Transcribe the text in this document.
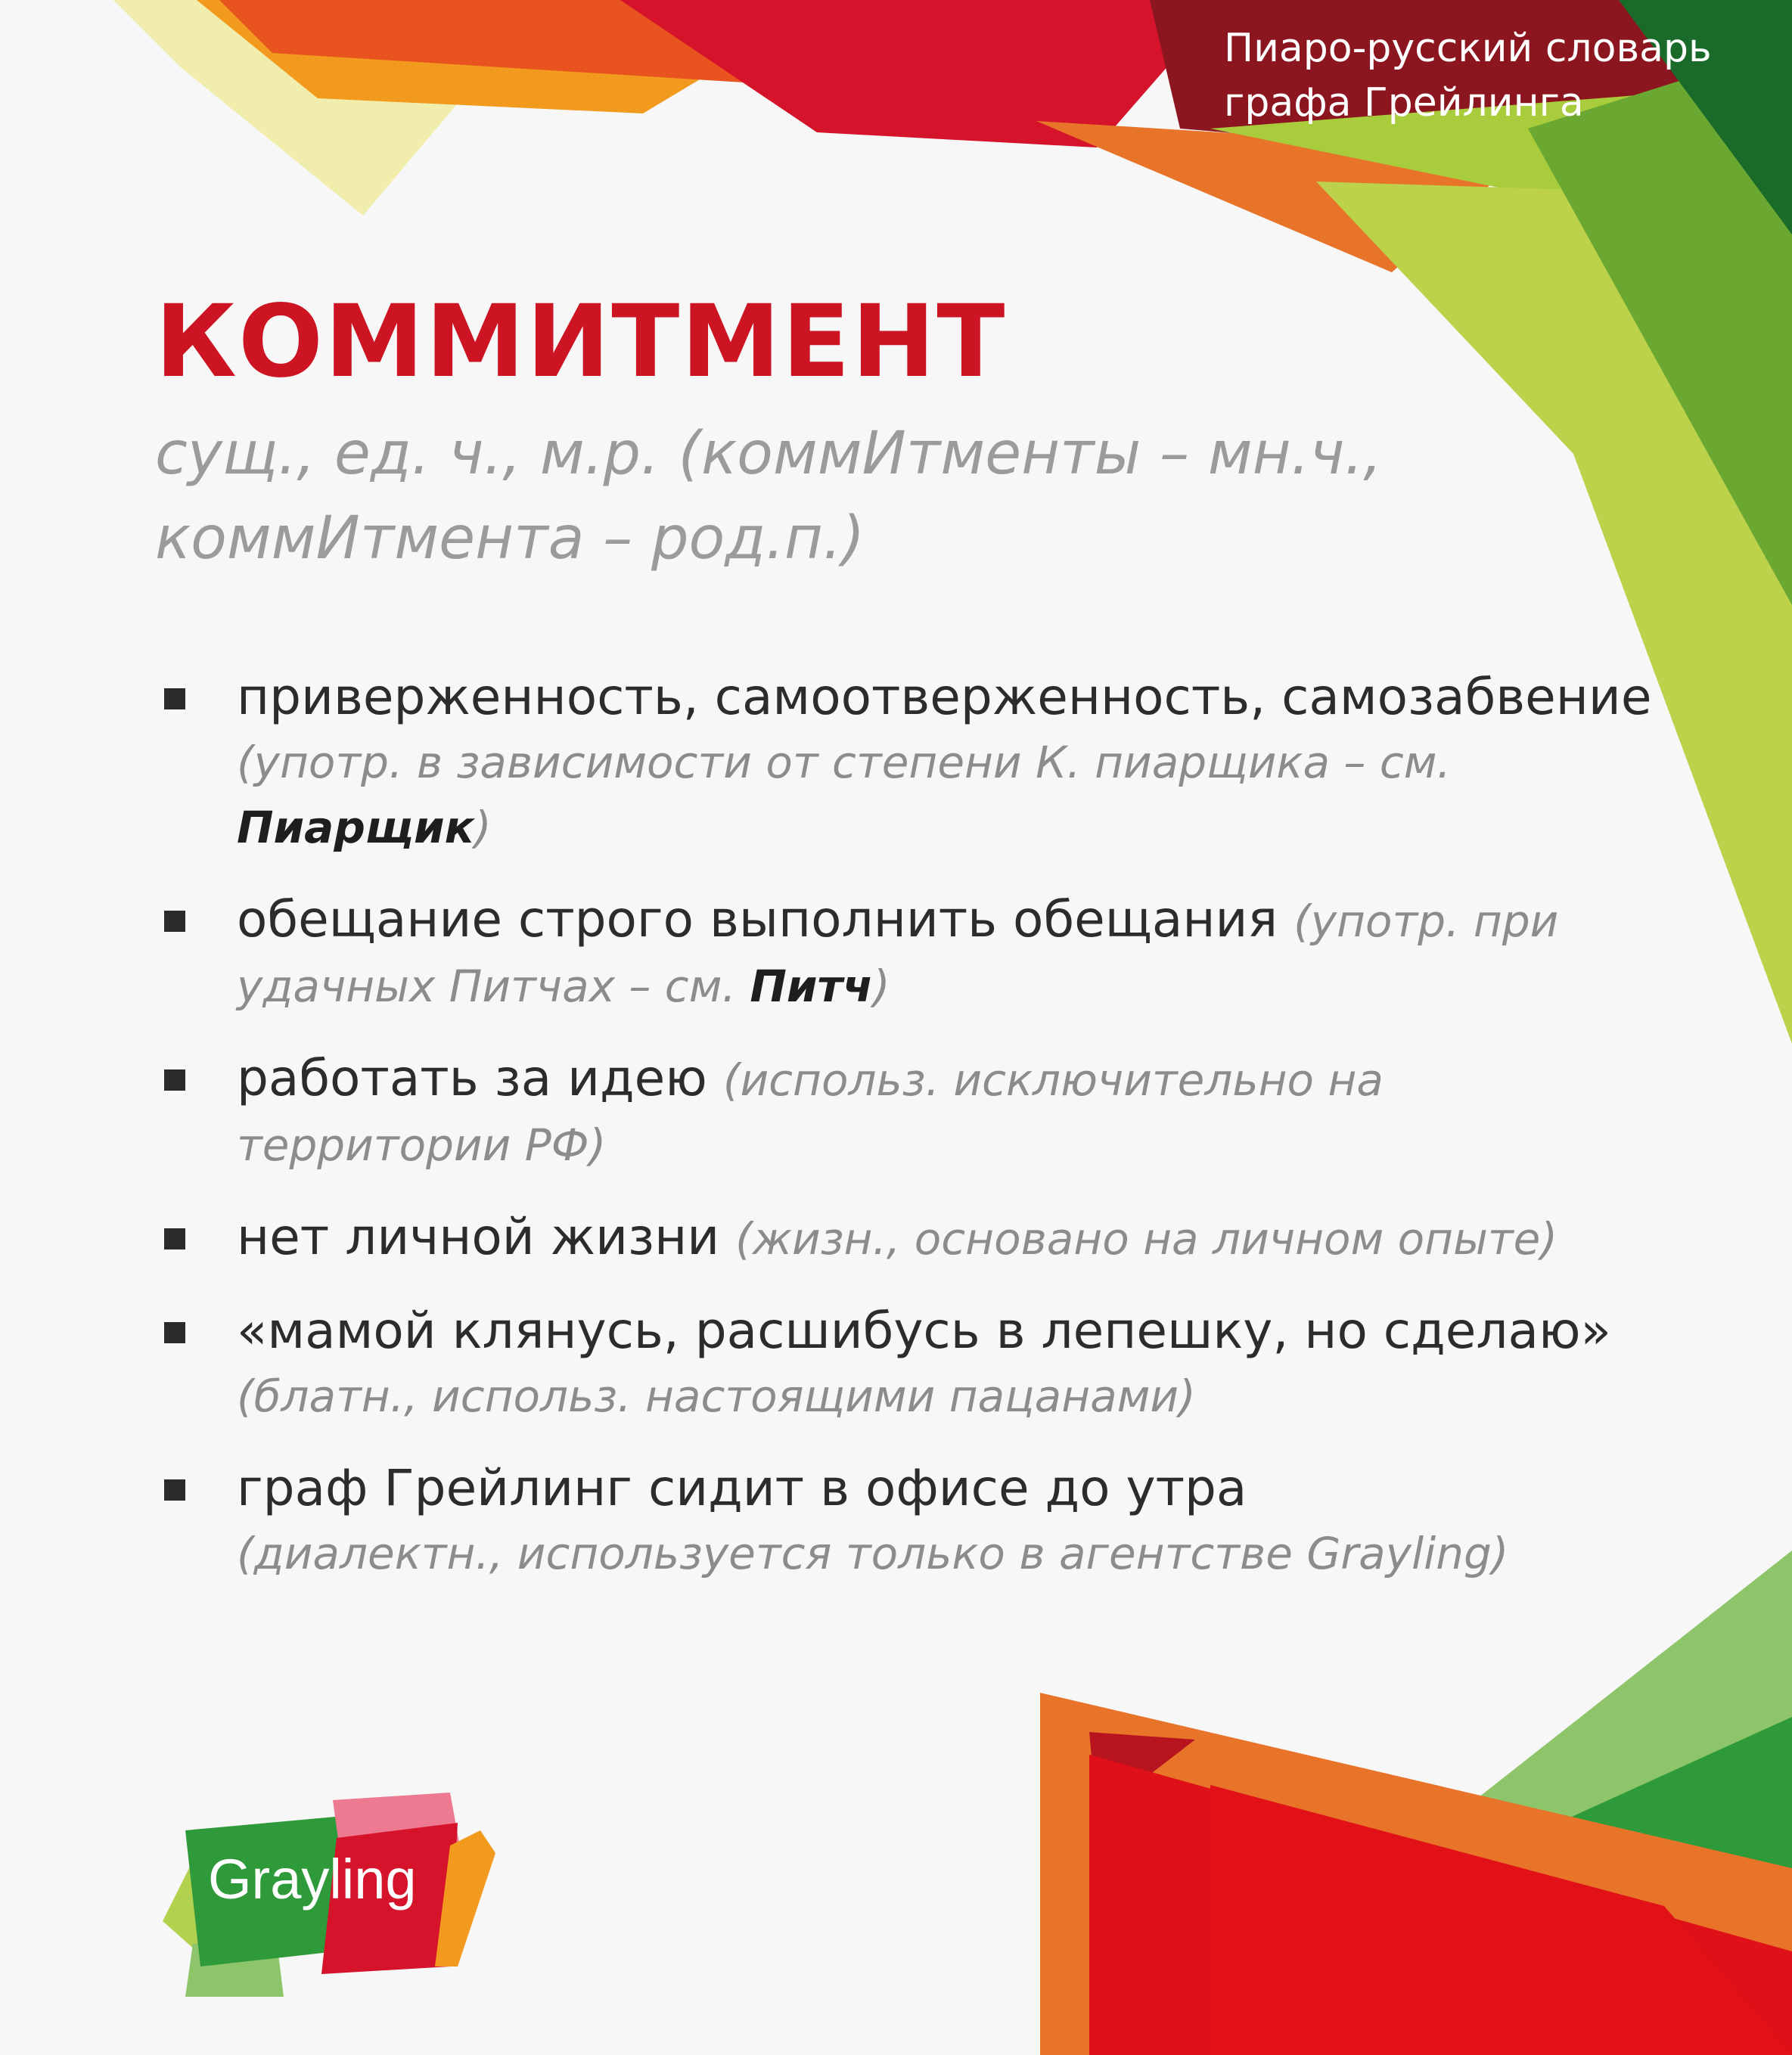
Пиаро-русский словарь
графа Грейлинга
КОММИТМЕНТ

сущ., ед. ч., м.р. (коммИтменты – мн.ч.,
коммИтмента – род.п.)

приверженность, самоотверженность, самозабвение (употр. в зависимости от степени К. пиарщика – см. Пиарщик)
обещание строго выполнить обещания (употр. при удачных Питчах – см. Питч)
работать за идею (использ. исключительно на территории РФ)
нет личной жизни (жизн., основано на личном опыте)
«мамой клянусь, расшибусь в лепешку, но сделаю» (блатн., использ. настоящими пацанами)
граф Грейлинг сидит в офисе до утра
(диалектн., используется только в агентстве Grayling)
Grayling
